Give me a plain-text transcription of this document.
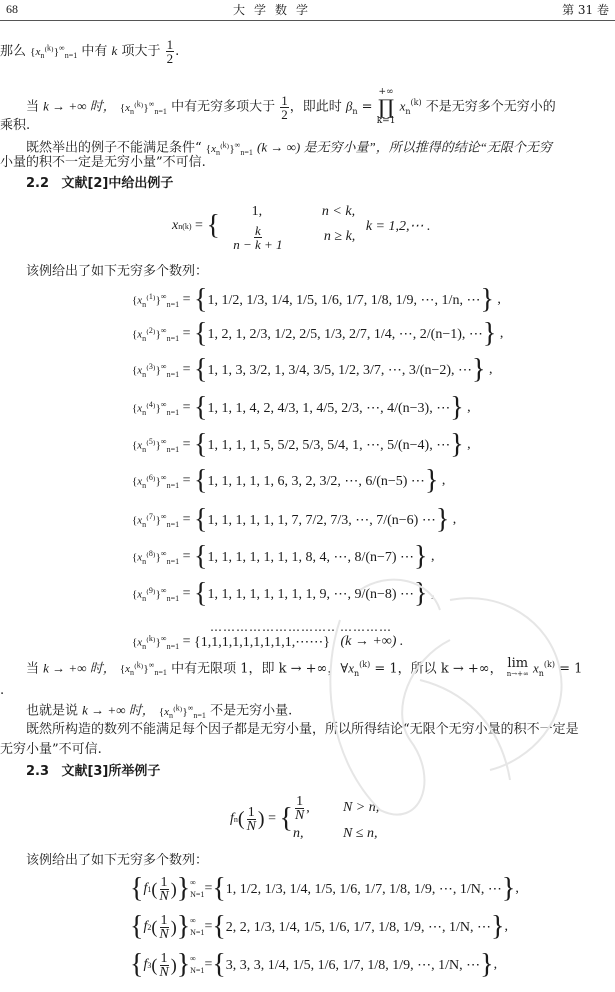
68	大学数学	第 31 卷
那么 $\{x_n^(^k^)\}^\infty_{n=1}$ 中有 k 项大于 $\frac{1}{2}$ .
当 k → +∞ 时， $\{x_n^(^k^)\}^\infty_{n=1}$ 中有无穷多项大于 $\frac{1}{2}$ ，即此时 $\beta_n$ =
+∞
∏
k=1
$x_n^{(k)}$ 不是无穷多个无穷小的
乘积.
既然举出的例子不能满足条件“ $\{x_n^(^k^)\}^\infty_{n=1}$ (k → ∞) 是无穷小量”，所以推得的结论“无限个无穷
小量的积不一定是无穷小量”不可信.
2.2 文献[2]中给出例子
x n (k) = {	1,	n < k,
$\frac{k}{n - k + 1}$ n ≥ k,

k = 1,2,⋯ .
该例给出了如下无穷多个数列：
$\{x_n^(^1^)\}^\infty_{n=1}$ = { 1, 1/2, 1/3, 1/4, 1/5, 1/6, 1/7, 1/8, 1/9, ⋯, 1/n, ⋯ } ,
$\{x_n^(^2^)\}^\infty_{n=1}$ = { 1, 2, 1, 2/3, 1/2, 2/5, 1/3, 2/7, 1/4, ⋯, 2/(n−1), ⋯ } ,
$\{x_n^(^3^)\}^\infty_{n=1}$ = { 1, 1, 3, 3/2, 1, 3/4, 3/5, 1/2, 3/7, ⋯, 3/(n−2), ⋯ } ,
$\{x_n^(^4^)\}^\infty_{n=1}$ = { 1, 1, 1, 4, 2, 4/3, 1, 4/5, 2/3, ⋯, 4/(n−3), ⋯ } ,
$\{x_n^(^5^)\}^\infty_{n=1}$ = { 1, 1, 1, 1, 5, 5/2, 5/3, 5/4, 1, ⋯, 5/(n−4), ⋯ } ,
$\{x_n^(^6^)\}^\infty_{n=1}$ = { 1, 1, 1, 1, 1, 6, 3, 2, 3/2, ⋯, 6/(n−5) ⋯ } ,
$\{x_n^(^7^)\}^\infty_{n=1}$ = { 1, 1, 1, 1, 1, 1, 7, 7/2, 7/3, ⋯, 7/(n−6) ⋯ } ,
$\{x_n^(^8^)\}^\infty_{n=1}$ = { 1, 1, 1, 1, 1, 1, 1, 8, 4, ⋯, 8/(n−7) ⋯ } ,
$\{x_n^(^9^)\}^\infty_{n=1}$ = { 1, 1, 1, 1, 1, 1, 1, 1, 9, ⋯, 9/(n−8) ⋯ } ,
……………………………………
$\{x_n^(^k^)\}^\infty_{n=1}$ = {1,1,1,1,1,1,1,1,1,⋯⋯}
(k → +∞) .
当 k → +∞ 时， $\{x_n^(^k^)\}^\infty_{n=1}$ 中有无限项 1，即 k → +∞，$\forall x_n^{(k)} = 1$，所以 k → +∞， lim
n→+∞ $x_n^{(k)} = 1$
.
也就是说 k → +∞ 时， $\{x_n^(^k^)\}^\infty_{n=1}$ 不是无穷小量.
既然所构造的数列不能满足每个因子都是无穷小量，所以所得结论“无限个无穷小量的积不一定是
无穷小量”不可信.
2.3 文献[3]所举例子
f n ( $\frac{1}{N}$ ) = { $\frac{1}{N}$ ,	N > n,
n,	N ≤ n,
该例给出了如下无穷多个数列：
{ f 1 ( $\frac{1}{N}$ ) } ∞
N=1 = { 1, 1/2, 1/3, 1/4, 1/5, 1/6, 1/7, 1/8, 1/9, ⋯, 1/N, ⋯ } ,
{ f 2 ( $\frac{1}{N}$ ) } ∞
N=1 = { 2, 2, 1/3, 1/4, 1/5, 1/6, 1/7, 1/8, 1/9, ⋯, 1/N, ⋯ } ,
{ f 3 ( $\frac{1}{N}$ ) } ∞
N=1 = { 3, 3, 3, 1/4, 1/5, 1/6, 1/7, 1/8, 1/9, ⋯, 1/N, ⋯ } ,
